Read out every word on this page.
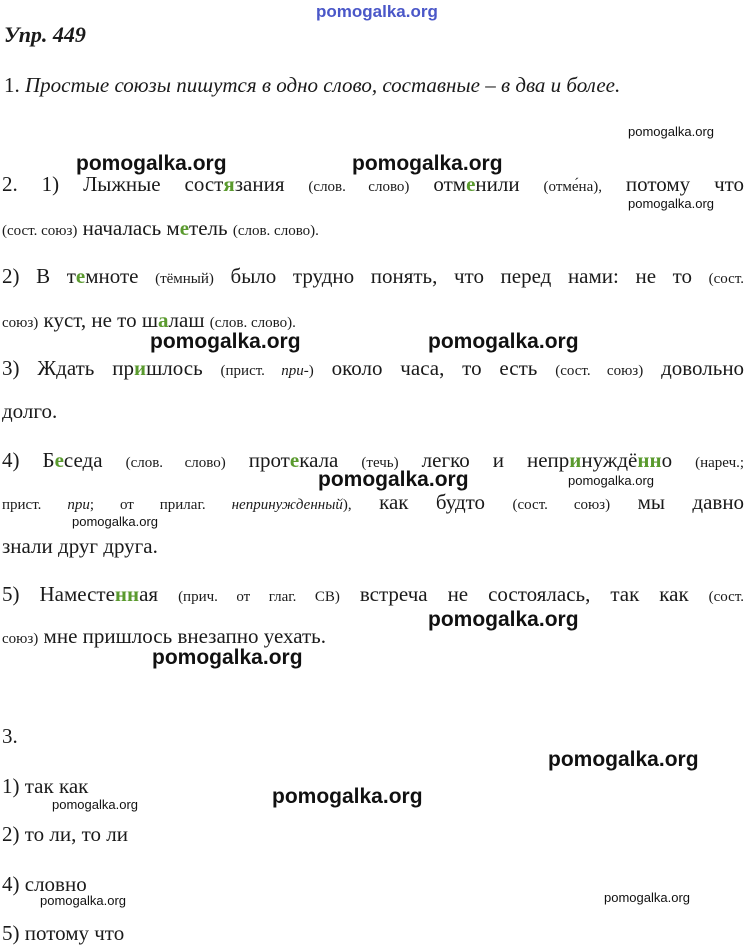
pomogalka.org
Упр. 449
1. Простые союзы пишутся в одно слово, составные – в два и более.
2. 1) Лыжные состязания (слов. слово) отменили (отме ́на), потому что
(сост. союз) началась метель (слов. слово).
2) В темноте (тёмный) было трудно понять, что перед нами: не то (сост.
союз) куст, не то шалаш (слов. слово).
3) Ждать пришлось (прист. при-) около часа, то есть (сост. союз) довольно
долго.
4) Беседа (слов. слово) протекала (течь) легко и непринуждённо (нареч.;
прист. при; от прилаг. непринужденный), как будто (сост. союз) мы давно
знали друг друга.
5) Наместенная (прич. от глаг. СВ) встреча не состоялась, так как (сост.
союз) мне пришлось внезапно уехать.
3.
1) так как
2) то ли, то ли
4) словно
5) потому что
pomogalka.org
pomogalka.org	pomogalka.org
pomogalka.org
pomogalka.org	pomogalka.org
pomogalka.org	pomogalka.org
pomogalka.org
pomogalka.org
pomogalka.org
pomogalka.org
pomogalka.org
pomogalka.org
pomogalka.org
pomogalka.org
